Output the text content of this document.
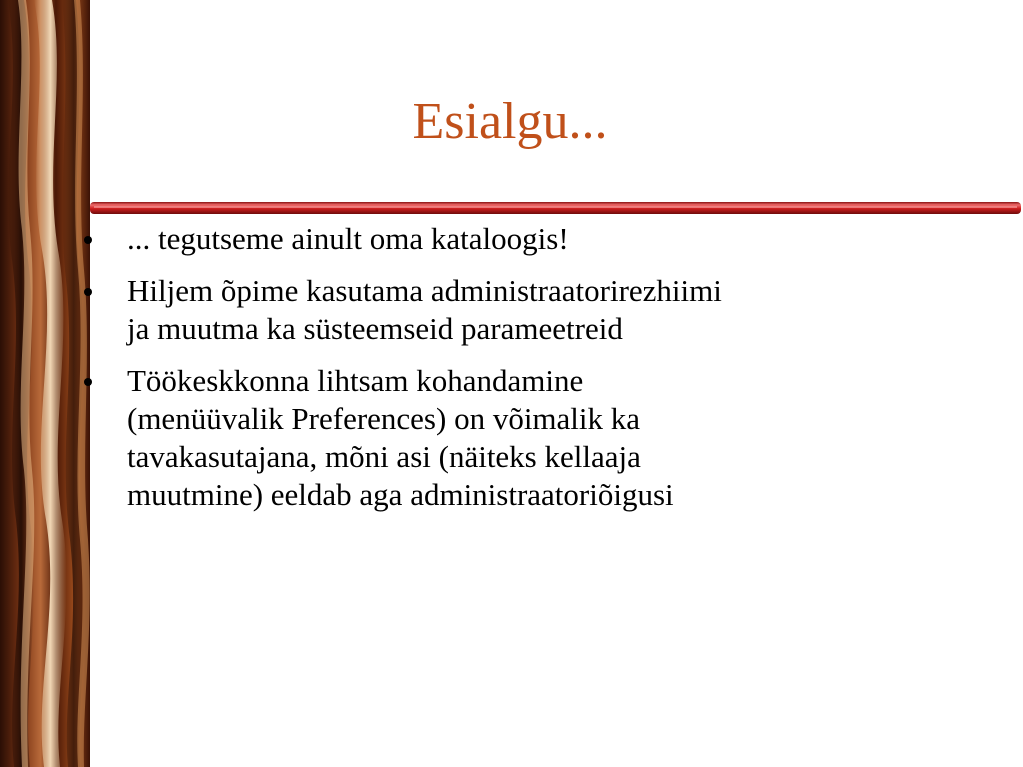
Esialgu...
... tegutseme ainult oma kataloogis!
Hiljem õpime kasutama administraatorirezhiimi
ja muutma ka süsteemseid parameetreid
Töökeskkonna lihtsam kohandamine
(menüüvalik Preferences) on võimalik ka
tavakasutajana, mõni asi (näiteks kellaaja
muutmine) eeldab aga administraatoriõigusi
